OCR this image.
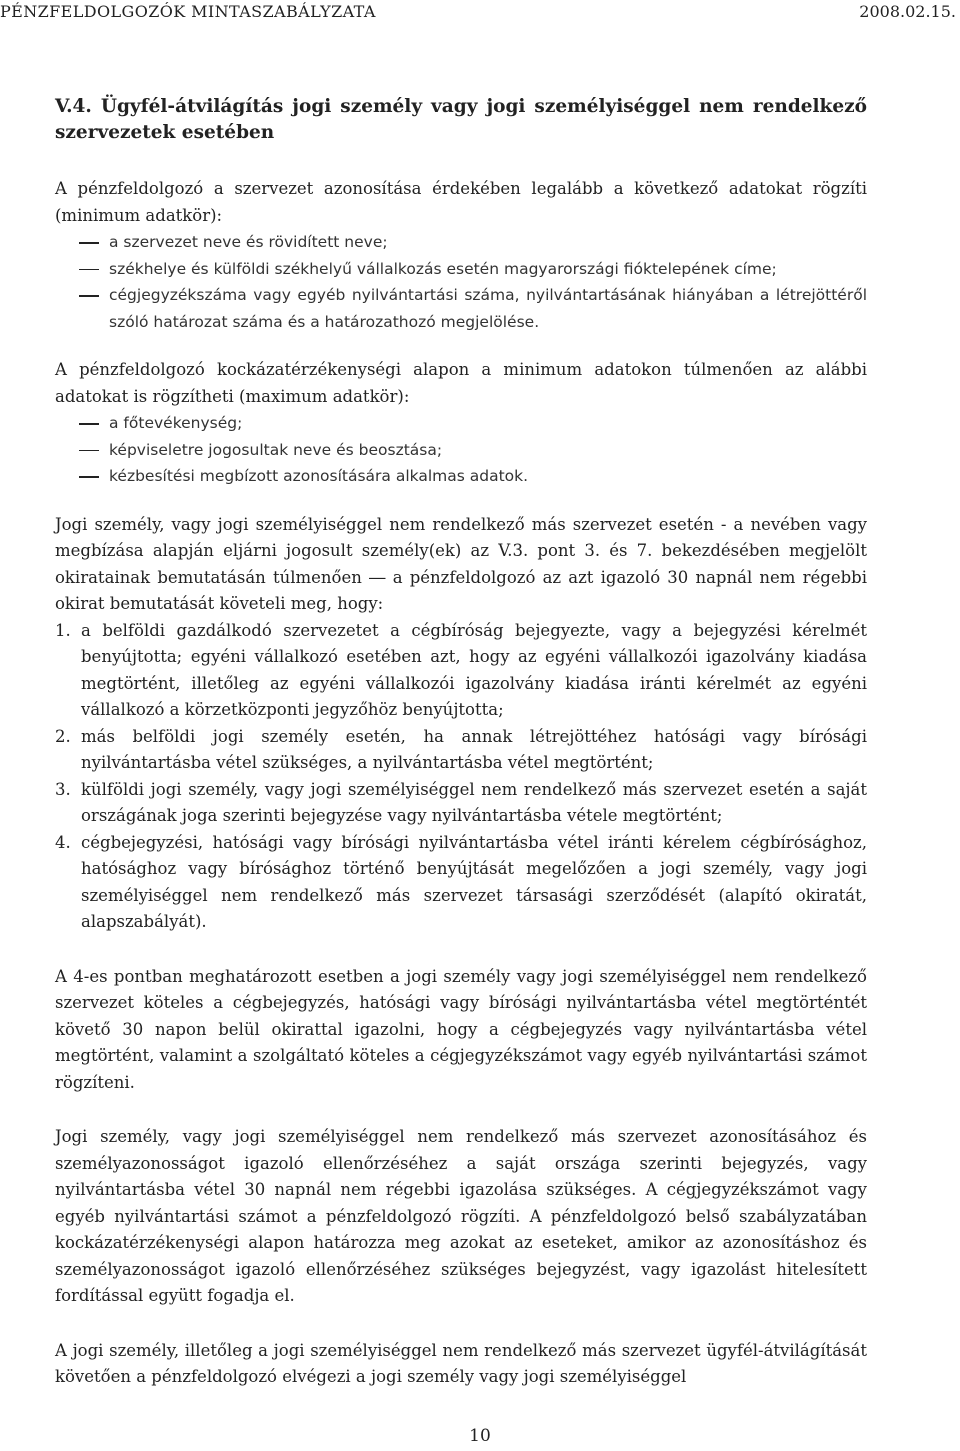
PÉNZFELDOLGOZÓK MINTASZABÁLYZATA	2008.02.15.
V.4. Ügyfél-átvilágítás jogi személy vagy jogi személyiséggel nem rendelkező szervezetek esetében

A pénzfeldolgozó a szervezet azonosítása érdekében legalább a következő adatokat rögzíti (minimum adatkör):

a szervezet neve és rövidített neve;
székhelye és külföldi székhelyű vállalkozás esetén magyarországi fióktelepének címe;
cégjegyzékszáma vagy egyéb nyilvántartási száma, nyilvántartásának hiányában a létrejöttéről szóló határozat száma és a határozathozó megjelölése.

A pénzfeldolgozó kockázatérzékenységi alapon a minimum adatokon túlmenően az alábbi adatokat is rögzítheti (maximum adatkör):

a főtevékenység;
képviseletre jogosultak neve és beosztása;
kézbesítési megbízott azonosítására alkalmas adatok.

Jogi személy, vagy jogi személyiséggel nem rendelkező más szervezet esetén - a nevében vagy megbízása alapján eljárni jogosult személy(ek) az V.3. pont 3. és 7. bekezdésében megjelölt okiratainak bemutatásán túlmenően ― a pénzfeldolgozó az azt igazoló 30 napnál nem régebbi okirat bemutatását követeli meg, hogy:

1. a belföldi gazdálkodó szervezetet a cégbíróság bejegyezte, vagy a bejegyzési kérelmét benyújtotta; egyéni vállalkozó esetében azt, hogy az egyéni vállalkozói igazolvány kiadása megtörtént, illetőleg az egyéni vállalkozói igazolvány kiadása iránti kérelmét az egyéni vállalkozó a körzetközponti jegyzőhöz benyújtotta;
2. más belföldi jogi személy esetén, ha annak létrejöttéhez hatósági vagy bírósági nyilvántartásba vétel szükséges, a nyilvántartásba vétel megtörtént;
3. külföldi jogi személy, vagy jogi személyiséggel nem rendelkező más szervezet esetén a saját országának joga szerinti bejegyzése vagy nyilvántartásba vétele megtörtént;
4. cégbejegyzési, hatósági vagy bírósági nyilvántartásba vétel iránti kérelem cégbírósághoz, hatósághoz vagy bírósághoz történő benyújtását megelőzően a jogi személy, vagy jogi személyiséggel nem rendelkező más szervezet társasági szerződését (alapító okiratát, alapszabályát).

A 4-es pontban meghatározott esetben a jogi személy vagy jogi személyiséggel nem rendelkező szervezet köteles a cégbejegyzés, hatósági vagy bírósági nyilvántartásba vétel megtörténtét követő 30 napon belül okirattal igazolni, hogy a cégbejegyzés vagy nyilvántartásba vétel megtörtént, valamint a szolgáltató köteles a cégjegyzékszámot vagy egyéb nyilvántartási számot rögzíteni.

Jogi személy, vagy jogi személyiséggel nem rendelkező más szervezet azonosításához és személyazonosságot igazoló ellenőrzéséhez a saját országa szerinti bejegyzés, vagy nyilvántartásba vétel 30 napnál nem régebbi igazolása szükséges. A cégjegyzékszámot vagy egyéb nyilvántartási számot a pénzfeldolgozó rögzíti. A pénzfeldolgozó belső szabályzatában kockázatérzékenységi alapon határozza meg azokat az eseteket, amikor az azonosításhoz és személyazonosságot igazoló ellenőrzéséhez szükséges bejegyzést, vagy igazolást hitelesített fordítással együtt fogadja el.

A jogi személy, illetőleg a jogi személyiséggel nem rendelkező más szervezet ügyfél-átvilágítását követően a pénzfeldolgozó elvégezi a jogi személy vagy jogi személyiséggel

10
